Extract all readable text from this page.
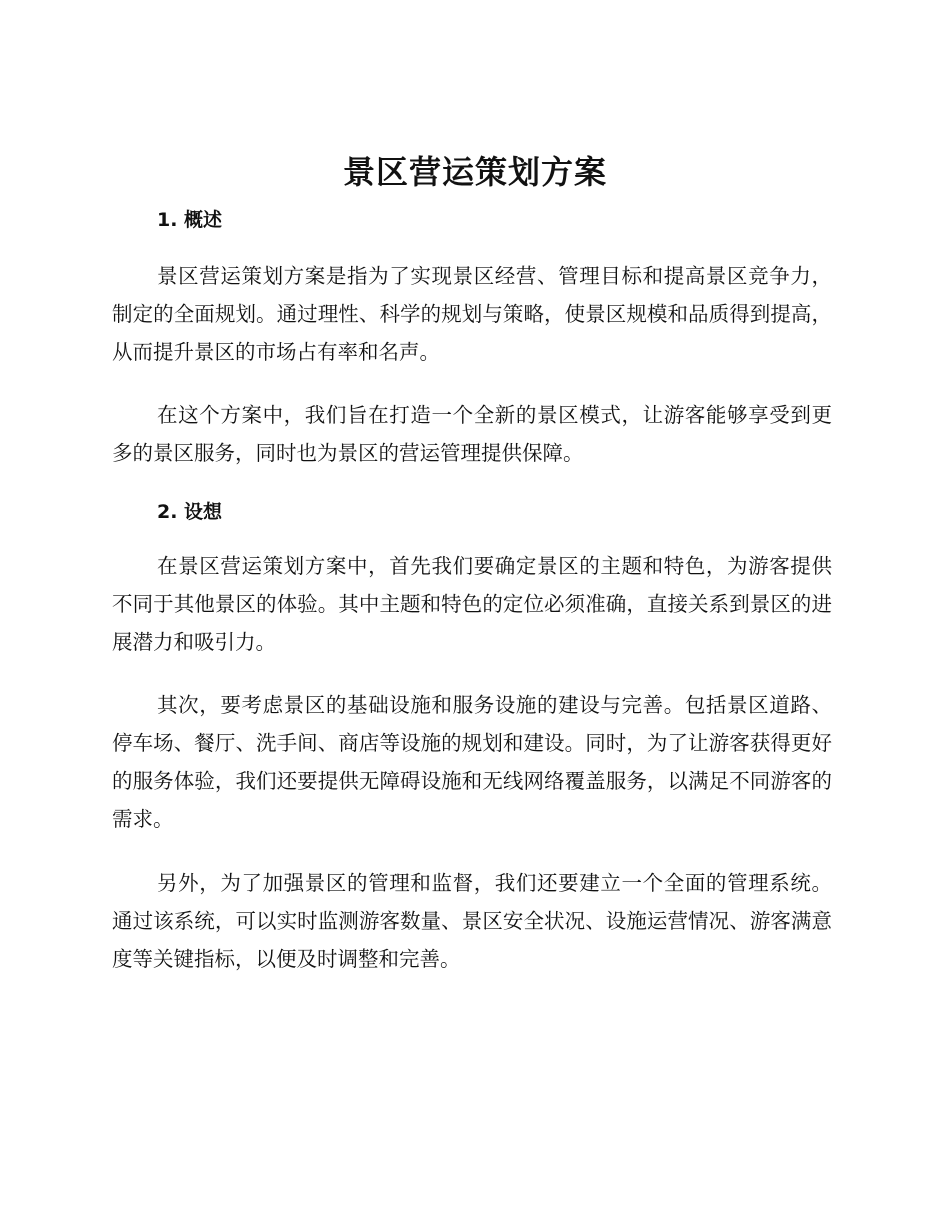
景区营运策划方案
1. 概述

景区营运策划方案是指为了实现景区经营、管理目标和提高景区竞争力，制定的全面规划。通过理性、科学的规划与策略，使景区规模和品质得到提高，从而提升景区的市场占有率和名声。

在这个方案中，我们旨在打造一个全新的景区模式，让游客能够享受到更多的景区服务，同时也为景区的营运管理提供保障。

2. 设想

在景区营运策划方案中，首先我们要确定景区的主题和特色，为游客提供不同于其他景区的体验。其中主题和特色的定位必须准确，直接关系到景区的进展潜力和吸引力。

其次，要考虑景区的基础设施和服务设施的建设与完善。包括景区道路、停车场、餐厅、洗手间、商店等设施的规划和建设。同时，为了让游客获得更好的服务体验，我们还要提供无障碍设施和无线网络覆盖服务，以满足不同游客的需求。

另外，为了加强景区的管理和监督，我们还要建立一个全面的管理系统。通过该系统，可以实时监测游客数量、景区安全状况、设施运营情况、游客满意度等关键指标，以便及时调整和完善。
